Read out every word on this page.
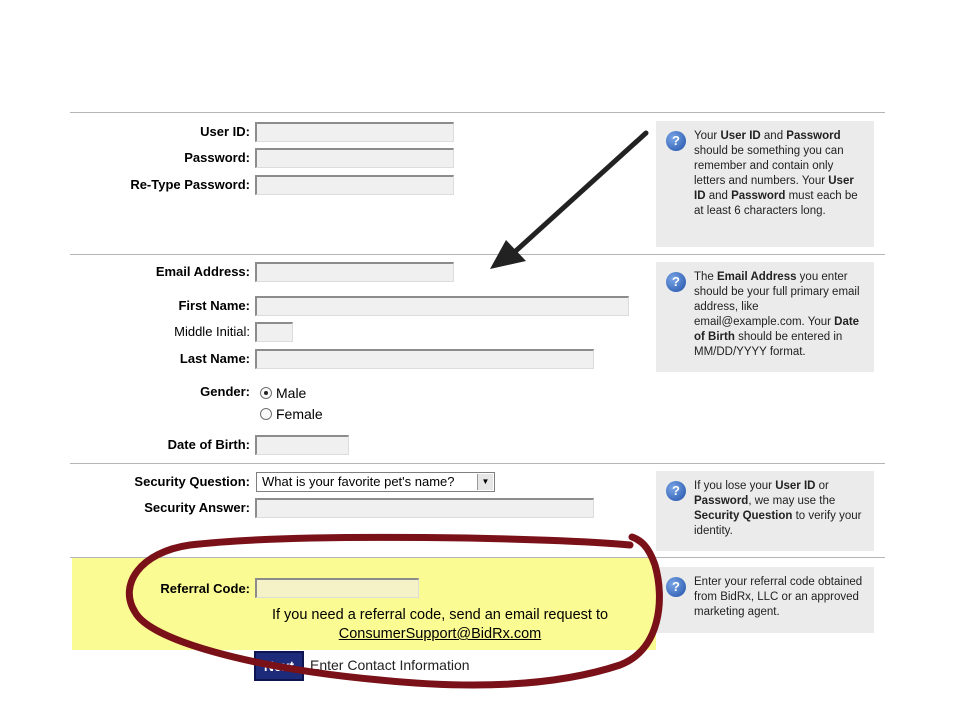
User ID:
Password:
Re-Type Password:
Email Address:
First Name:
Middle Initial:
Last Name:
Gender: Male
Female
Date of Birth:
Security Question: What is your favorite pet's name?	▼
Security Answer:
Referral Code:
If you need a referral code, send an email request to
ConsumerSupport@BidRx.com
Next	Enter Contact Information
?	Your User ID and Password should be something you can remember and contain only letters and numbers. Your User ID and Password must each be at least 6 characters long.
?	The Email Address you enter should be your full primary email address, like email@example.com. Your Date of Birth should be entered in MM/DD/YYYY format.
?	If you lose your User ID or Password, we may use the Security Question to verify your identity.
?	Enter your referral code obtained from BidRx, LLC or an approved marketing agent.
